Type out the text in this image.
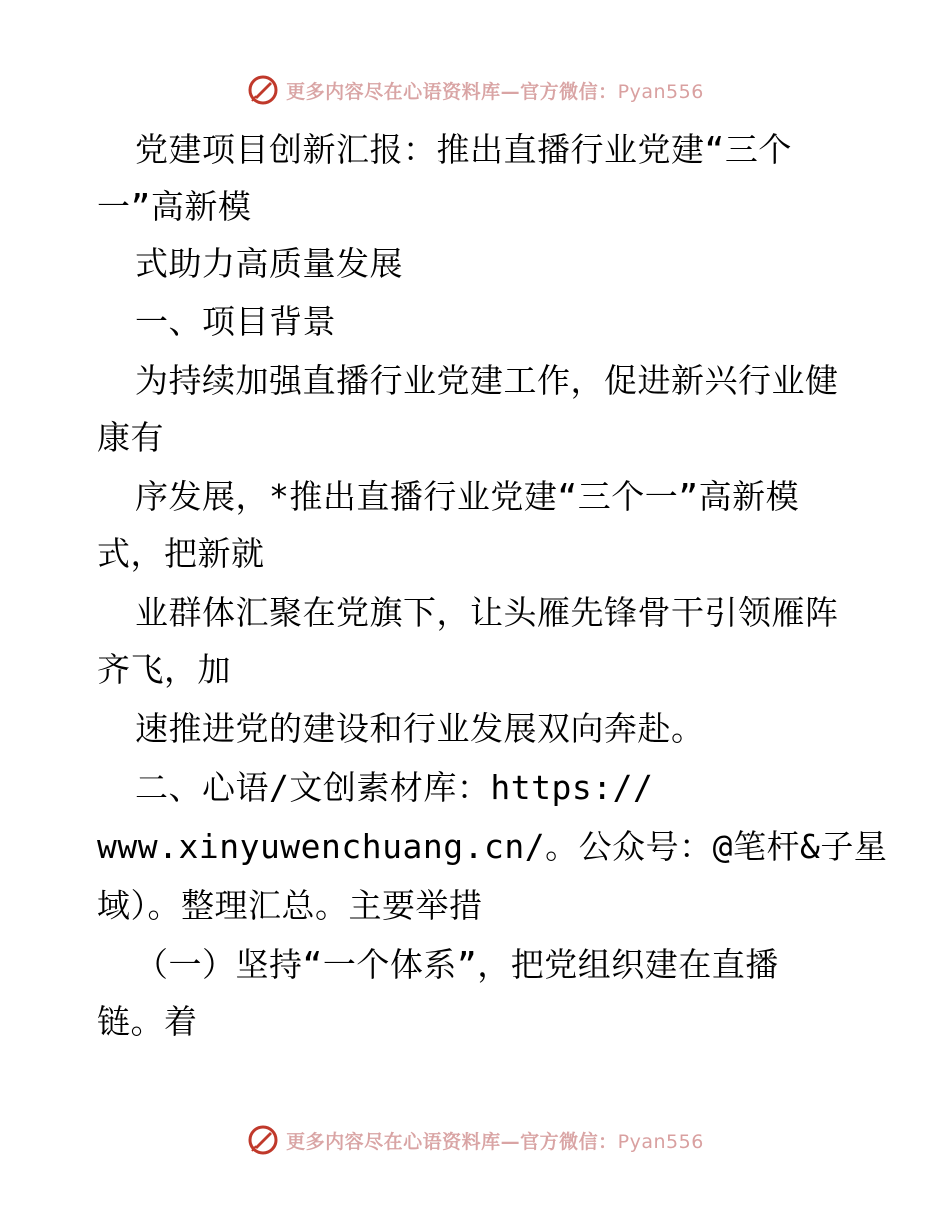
更多内容尽在心语资料库—官方微信：Pyan556
党建项目创新汇报：推出直播行业党建“三个
一”高新模
式助力高质量发展
一、项目背景
为持续加强直播行业党建工作，促进新兴行业健
康有
序发展，*推出直播行业党建“三个一”高新模
式，把新就
业群体汇聚在党旗下，让头雁先锋骨干引领雁阵
齐飞，加
速推进党的建设和行业发展双向奔赴。
二、心语/文创素材库：https://
www.xinyuwenchuang.cn/。公众号：@笔杆&子星
域）。整理汇总。主要举措
（一）坚持“一个体系”，把党组织建在直播
链。着
更多内容尽在心语资料库—官方微信：Pyan556
